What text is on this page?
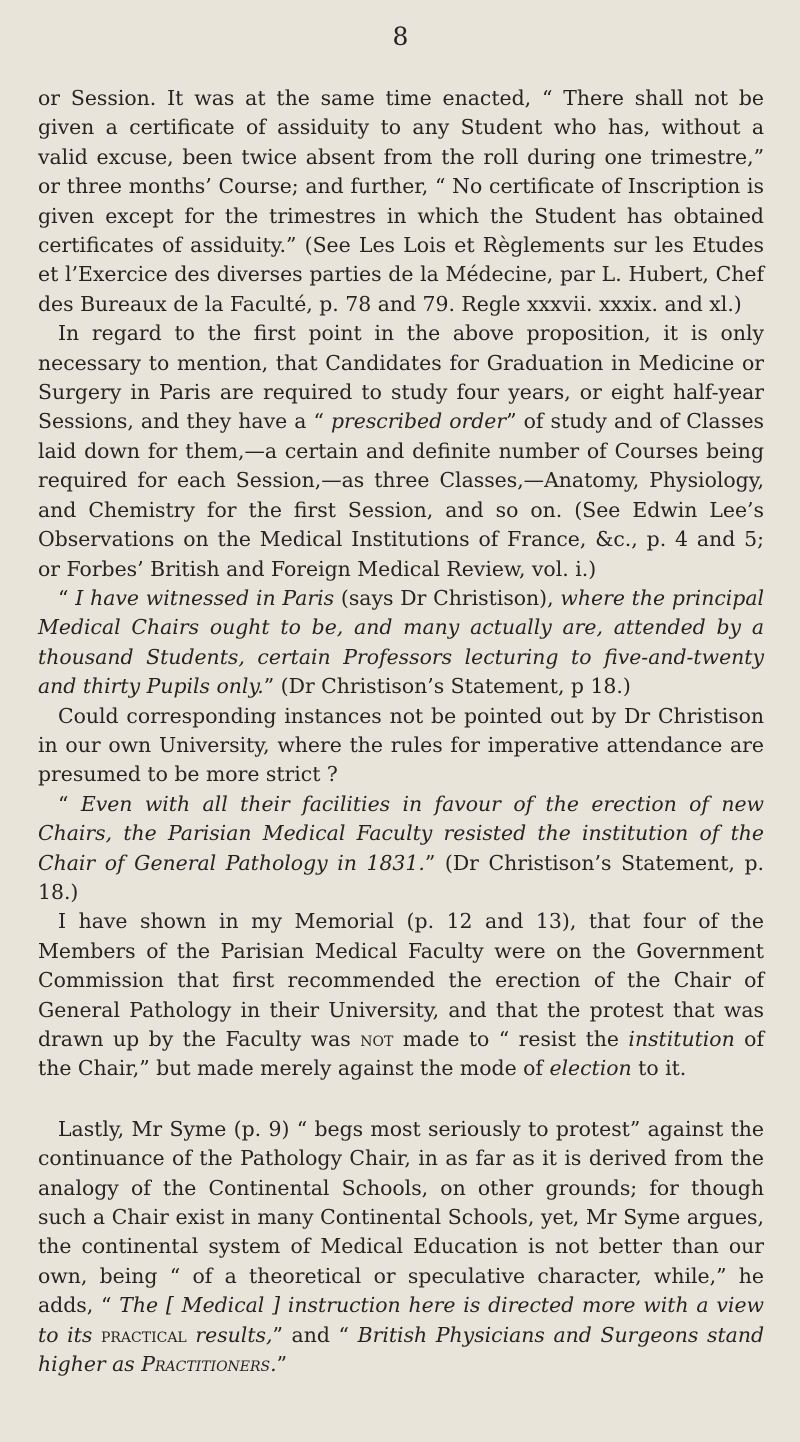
8

or Session. It was at the same time enacted, “ There shall not be given a certificate of assiduity to any Student who has, without a valid excuse, been twice absent from the roll during one trimestre,” or three months’ Course; and further, “ No certificate of Inscription is given except for the trimestres in which the Student has obtained certificates of assiduity.” (See Les Lois et Règlements sur les Etudes et l’Exercice des diverses parties de la Médecine, par L. Hubert, Chef des Bureaux de la Faculté, p. 78 and 79. Regle xxxvii. xxxix. and xl.)

In regard to the first point in the above proposition, it is only necessary to mention, that Candidates for Graduation in Medicine or Surgery in Paris are required to study four years, or eight half-year Sessions, and they have a “ prescribed order” of study and of Classes laid down for them,—a certain and definite number of Courses being required for each Session,—as three Classes,—Anatomy, Physiology, and Chemistry for the first Session, and so on. (See Edwin Lee’s Observations on the Medical Institutions of France, &c., p. 4 and 5; or Forbes’ British and Foreign Medical Review, vol. i.)

“ I have witnessed in Paris (says Dr Christison), where the principal Medical Chairs ought to be, and many actually are, attended by a thousand Students, certain Professors lecturing to five-and-twenty and thirty Pupils only.” (Dr Christison’s Statement, p 18.)

Could corresponding instances not be pointed out by Dr Christison in our own University, where the rules for imperative attendance are presumed to be more strict ?

“ Even with all their facilities in favour of the erection of new Chairs, the Parisian Medical Faculty resisted the institution of the Chair of General Pathology in 1831.” (Dr Christison’s Statement, p. 18.)

I have shown in my Memorial (p. 12 and 13), that four of the Members of the Parisian Medical Faculty were on the Government Commission that first recommended the erection of the Chair of General Pathology in their University, and that the protest that was drawn up by the Faculty was not made to “ resist the institution of the Chair,” but made merely against the mode of election to it.

Lastly, Mr Syme (p. 9) “ begs most seriously to protest” against the continuance of the Pathology Chair, in as far as it is derived from the analogy of the Continental Schools, on other grounds; for though such a Chair exist in many Continental Schools, yet, Mr Syme argues, the continental system of Medical Education is not better than our own, being “ of a theoretical or speculative character, while,” he adds, “ The [ Medical ] instruction here is directed more with a view to its practical results,” and “ British Physicians and Surgeons stand higher as Practitioners.”
